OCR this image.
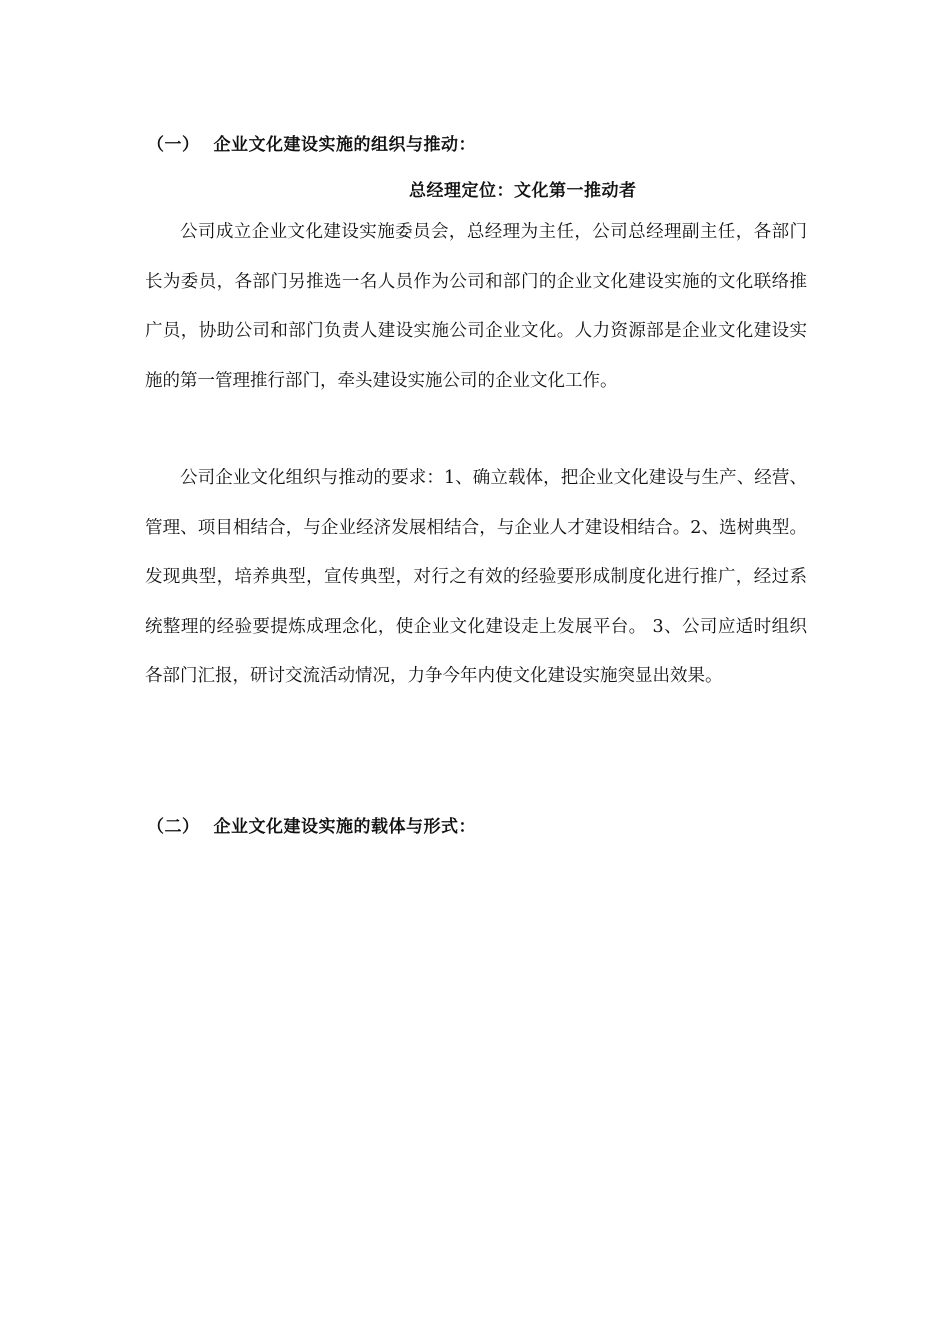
（一） 企业文化建设实施的组织与推动：
总经理定位：文化第一推动者

公司成立企业文化建设实施委员会，总经理为主任，公司总经理副主任，各部门长为委员，各部门另推选一名人员作为公司和部门的企业文化建设实施的文化联络推广员，协助公司和部门负责人建设实施公司企业文化。人力资源部是企业文化建设实施的第一管理推行部门，牵头建设实施公司的企业文化工作。

公司企业文化组织与推动的要求：1、确立载体，把企业文化建设与生产、经营、管理、项目相结合，与企业经济发展相结合，与企业人才建设相结合。2、选树典型。发现典型，培养典型，宣传典型，对行之有效的经验要形成制度化进行推广，经过系统整理的经验要提炼成理念化，使企业文化建设走上发展平台。 3、公司应适时组织各部门汇报，研讨交流活动情况，力争今年内使文化建设实施突显出效果。

（二） 企业文化建设实施的载体与形式：
